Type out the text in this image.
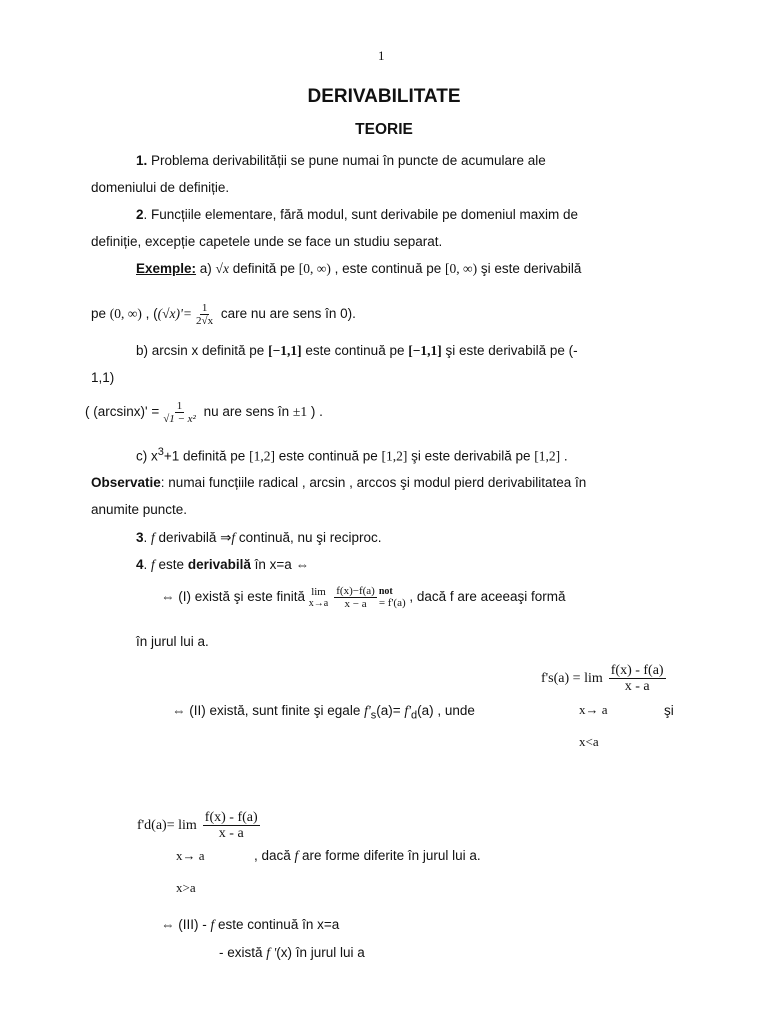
1
DERIVABILITATE
TEORIE
1. Problema derivabilității se pune numai în puncte de acumulare ale
domeniului de definiție.
2. Funcțiile elementare, fără modul, sunt derivabile pe domeniul maxim de
definiție, excepție capetele unde se face un studiu separat.
Exemple: a) √x definită pe [0, ∞) , este continuă pe [0, ∞) şi este derivabilă
pe (0, ∞) , ($(√x)'= \frac{1}{2√x}$ care nu are sens în 0).
b) arcsin x definită pe [−1,1] este continuă pe [−1,1] şi este derivabilă pe (-
1,1)
( $(\arcsin x)' = \frac{1}{\text{√1 − x²}}$ nu are sens în ±1 ) .
c) $x^3+1$ definită pe [1,2] este continuă pe [1,2] şi este derivabilă pe [1,2] .
Observatie: numai funcțiile radical , arcsin , arccos şi modul pierd derivabilitatea în
anumite puncte.
3. f derivabilă ⇒f continuă, nu şi reciproc.
4. f este derivabilă în x=a ⇔
⇔ (I) există şi este finită lim
$x\to a \frac{f(x)-f(a)}{x - a}$ not
= f'(a) , dacă f are aceeaşi formă
în jurul lui a.
$f's(a) = \lim \frac{f(x) - f(a)}{x - a}$
x→ a
x<a
şi
⇔ (II) există, sunt finite şi egale $f'_s(a)= f'_d(a)$ , unde
$f'd(a)= \lim \frac{f(x) - f(a)}{x - a}$
x→ a	, dacă f are forme diferite în jurul lui a.
x>a
⇔ (III) - f este continuă în x=a
- există f '(x) în jurul lui a
